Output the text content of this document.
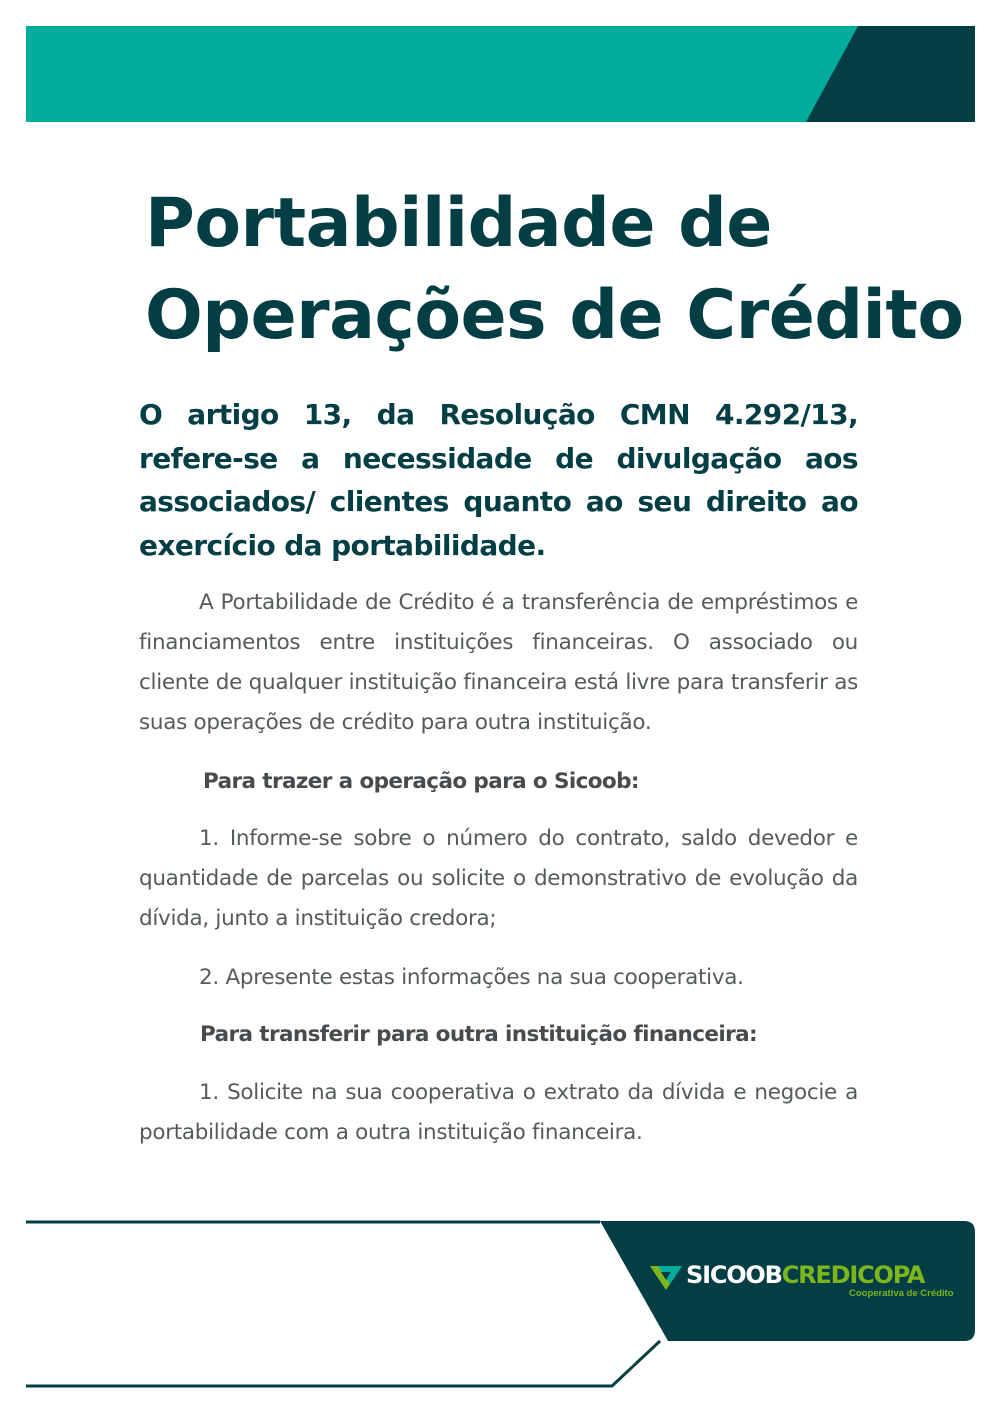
Portabilidade de
Operações de Crédito

O artigo 13, da Resolução CMN 4.292/13, refere-se a necessidade de divulgação aos associados/ clientes quanto ao seu direito ao exercício da portabilidade.

A Portabilidade de Crédito é a transferência de empréstimos e financiamentos entre instituições financeiras. O associado ou cliente de qualquer instituição financeira está livre para transferir as suas operações de crédito para outra instituição.

Para trazer a operação para o Sicoob:

1. Informe-se sobre o número do contrato, saldo devedor e quantidade de parcelas ou solicite o demonstrativo de evolução da dívida, junto a instituição credora;

2. Apresente estas informações na sua cooperativa.

Para transferir para outra instituição financeira:

1. Solicite na sua cooperativa o extrato da dívida e negocie a portabilidade com a outra instituição financeira.

SICOOBCREDICOPA
Cooperativa de Crédito
